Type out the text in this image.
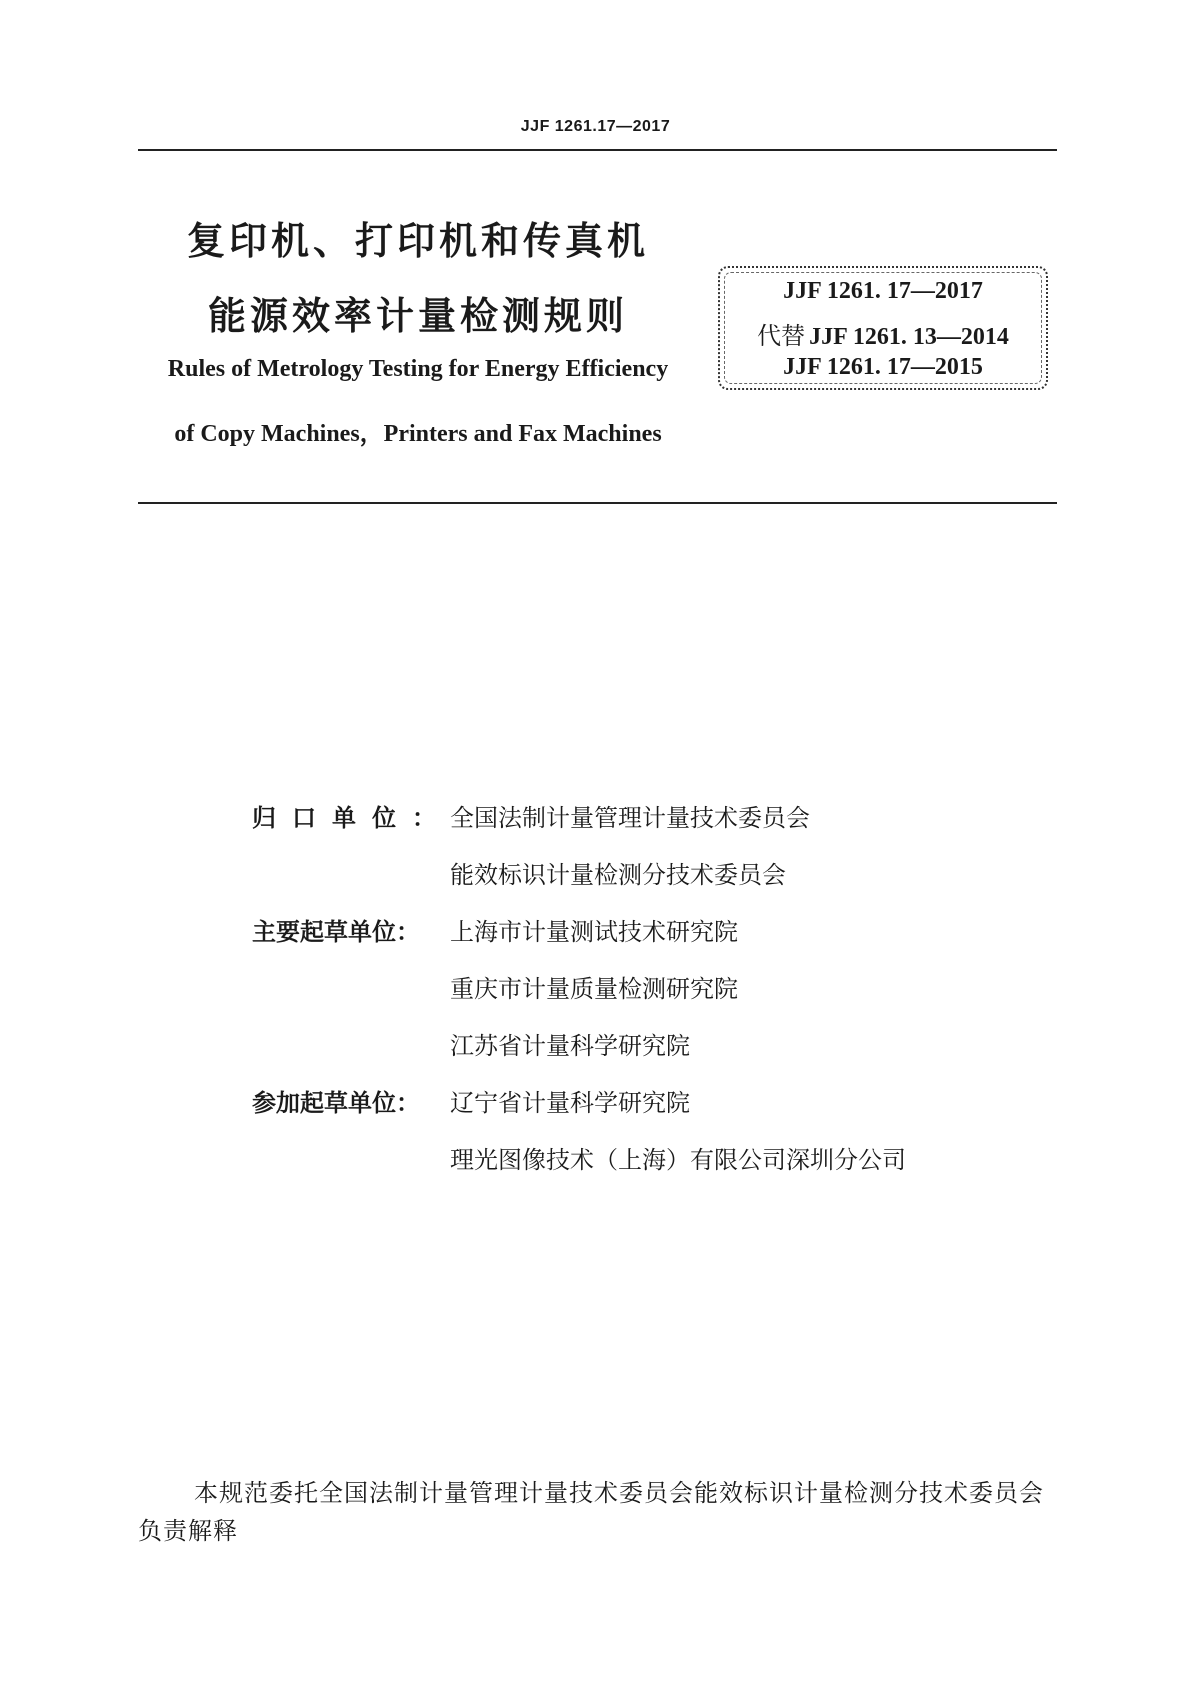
JJF 1261.17—2017
复印机、打印机和传真机
能源效率计量检测规则
Rules of Metrology Testing for Energy Efficiency
of Copy Machines，Printers and Fax Machines
JJF 1261. 17—2017
代替 JJF 1261. 13—2014
JJF 1261. 17—2015
归口单位：
全国法制计量管理计量技术委员会
能效标识计量检测分技术委员会
主要起草单位：	上海市计量测试技术研究院
重庆市计量质量检测研究院
江苏省计量科学研究院
参加起草单位：	辽宁省计量科学研究院
理光图像技术（上海）有限公司深圳分公司
本规范委托全国法制计量管理计量技术委员会能效标识计量检测分技术委员会负责解释
